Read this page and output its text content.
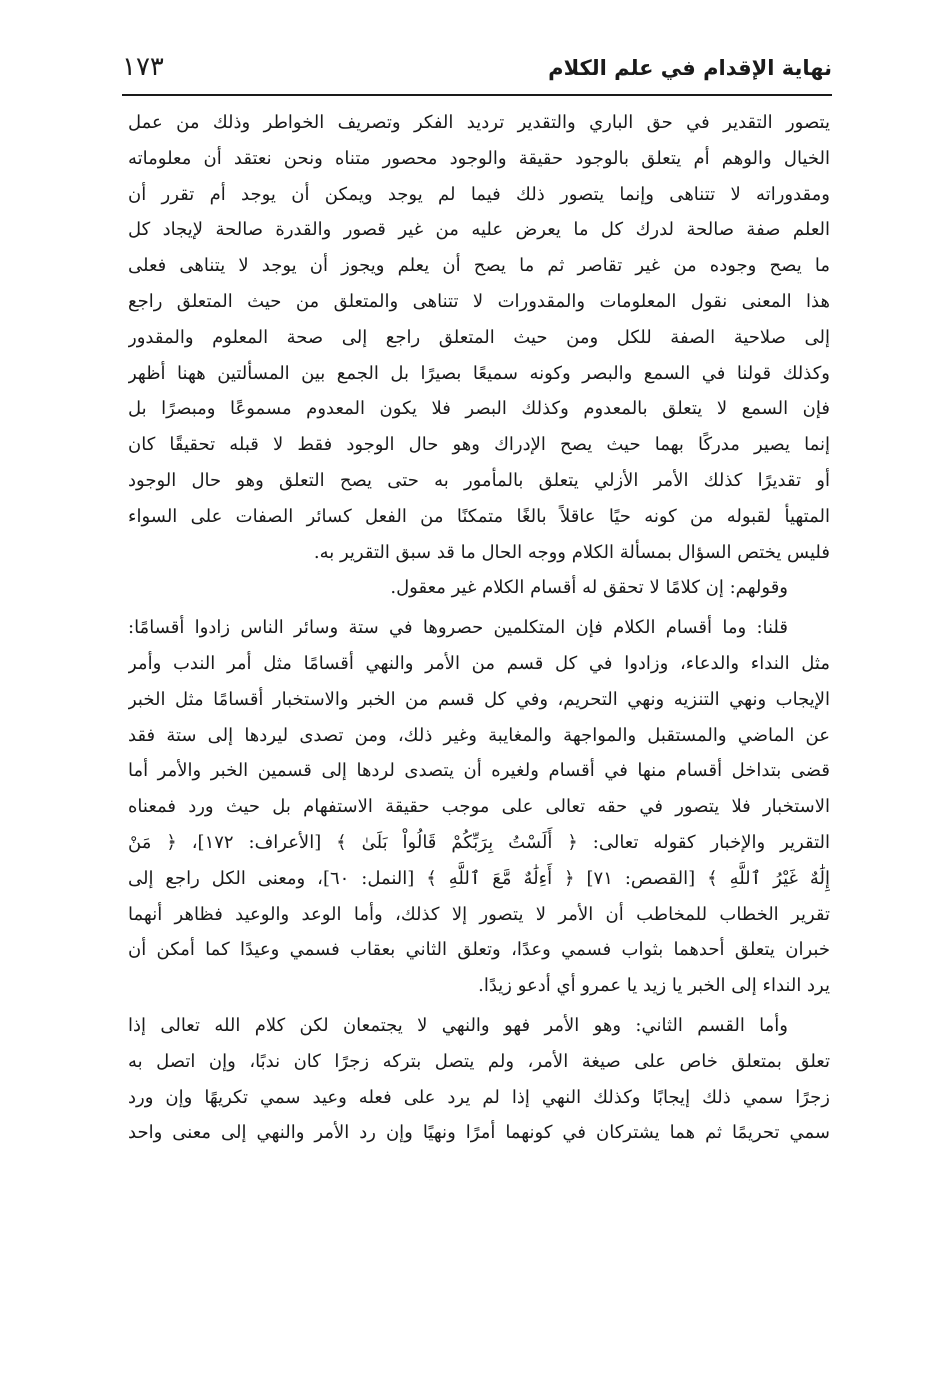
نهاية الإقدام في علم الكلام
١٧٣
يتصور التقدير في حق الباري والتقدير ترديد الفكر وتصريف الخواطر وذلك من عمل
الخيال والوهم أم يتعلق بالوجود حقيقة والوجود محصور متناه ونحن نعتقد أن معلوماته
ومقدوراته لا تتناهى وإنما يتصور ذلك فيما لم يوجد ويمكن أن يوجد أم تقرر أن
العلم صفة صالحة لدرك كل ما يعرض عليه من غير قصور والقدرة صالحة لإيجاد كل
ما يصح وجوده من غير تقاصر ثم ما يصح أن يعلم ويجوز أن يوجد لا يتناهى فعلى
هذا المعنى نقول المعلومات والمقدورات لا تتناهى والمتعلق من حيث المتعلق راجع
إلى صلاحية الصفة للكل ومن حيث المتعلق راجع إلى صحة المعلوم والمقدور
وكذلك قولنا في السمع والبصر وكونه سميعًا بصيرًا بل الجمع بين المسألتين ههنا أظهر
فإن السمع لا يتعلق بالمعدوم وكذلك البصر فلا يكون المعدوم مسموعًا ومبصرًا بل
إنما يصير مدركًا بهما حيث يصح الإدراك وهو حال الوجود فقط لا قبله تحقيقًا كان
أو تقديرًا كذلك الأمر الأزلي يتعلق بالمأمور به حتى يصح التعلق وهو حال الوجود
المتهيأ لقبوله من كونه حيًا عاقلاً بالغًا متمكنًا من الفعل كسائر الصفات على السواء
فليس يختص السؤال بمسألة الكلام ووجه الحال ما قد سبق التقرير به.
وقولهم: إن كلامًا لا تحقق له أقسام الكلام غير معقول.
قلنا: وما أقسام الكلام فإن المتكلمين حصروها في ستة وسائر الناس زادوا أقسامًا:
مثل النداء والدعاء، وزادوا في كل قسم من الأمر والنهي أقسامًا مثل أمر الندب وأمر
الإيجاب ونهي التنزيه ونهي التحريم، وفي كل قسم من الخبر والاستخبار أقسامًا مثل الخبر
عن الماضي والمستقبل والمواجهة والمغايبة وغير ذلك، ومن تصدى ليردها إلى ستة فقد
قضى بتداخل أقسام منها في أقسام ولغيره أن يتصدى لردها إلى قسمين الخبر والأمر أما
الاستخبار فلا يتصور في حقه تعالى على موجب حقيقة الاستفهام بل حيث ورد فمعناه
التقرير والإخبار كقوله تعالى: ﴿ أَلَسْتُ بِرَبِّكُمْ قَالُواْ بَلَىٰ ﴾ [الأعراف: ١٧٢]، ﴿ مَنْ
إِلَٰهٌ غَيْرُ ٱللَّهِ ﴾ [القصص: ٧١] ﴿ أَءِلَٰهٌ مَّعَ ٱللَّهِ ﴾ [النمل: ٦٠]، ومعنى الكل راجع إلى
تقرير الخطاب للمخاطب أن الأمر لا يتصور إلا كذلك، وأما الوعد والوعيد فظاهر أنهما
خبران يتعلق أحدهما بثواب فسمي وعدًا، وتعلق الثاني بعقاب فسمي وعيدًا كما أمكن أن
يرد النداء إلى الخبر يا زيد يا عمرو أي أدعو زيدًا.
وأما القسم الثاني: وهو الأمر فهو والنهي لا يجتمعان لكن كلام الله تعالى إذا
تعلق بمتعلق خاص على صيغة الأمر، ولم يتصل بتركه زجرًا كان ندبًا، وإن اتصل به
زجرًا سمي ذلك إيجابًا وكذلك النهي إذا لم يرد على فعله وعيد سمي تكريهًا وإن ورد
سمي تحريمًا ثم هما يشتركان في كونهما أمرًا ونهيًا وإن رد الأمر والنهي إلى معنى واحد
